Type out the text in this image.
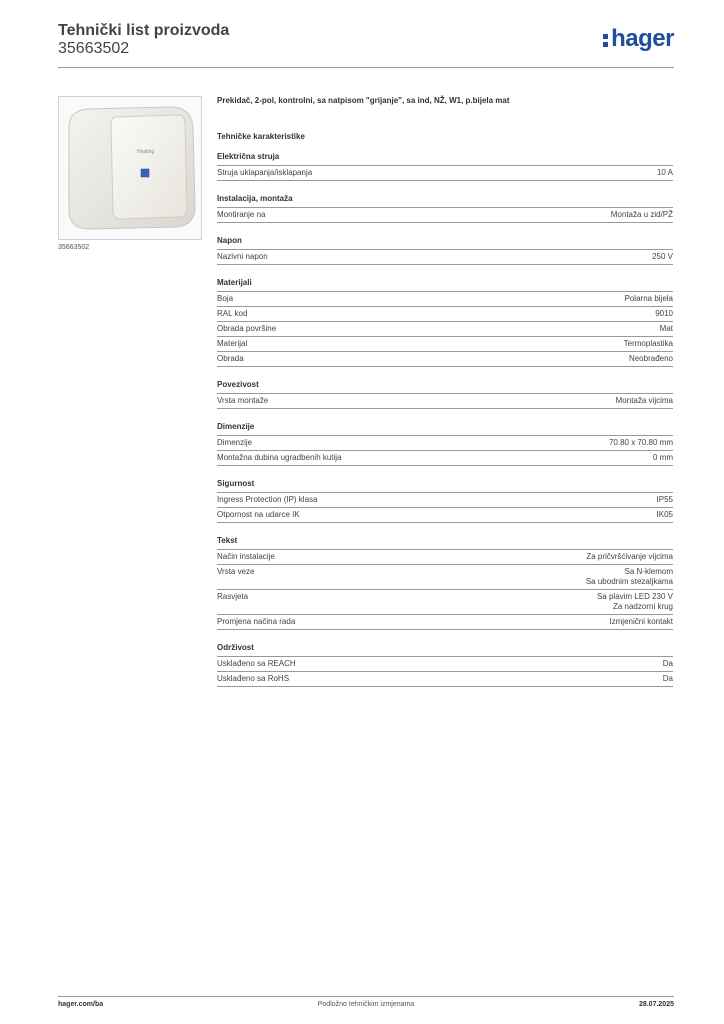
Tehnički list proizvoda
35663502	hager
Heating
35663502
Prekidač, 2-pol, kontrolni, sa natpisom "grijanje", sa ind, NŽ, W1, p.bijela mat
Tehničke karakteristike
Električna struja
Struja uklapanja/isklapanja	10 A
Instalacija, montaža
Montiranje na	Montaža u zid/PŽ
Napon
Nazivni napon	250 V
Materijali
Boja	Polarna bijela
RAL kod	9010
Obrada površine	Mat
Materijal	Termoplastika
Obrada	Neobrađeno
Povezivost
Vrsta montaže	Montaža vijcima
Dimenzije
Dimenzije	70.80 x 70.80 mm
Montažna dubina ugradbenih kutija	0 mm
Sigurnost
Ingress Protection (IP) klasa	IP55
Otpornost na udarce IK	IK05
Tekst
Način instalacije	Za pričvršćivanje vijcima
Vrsta veze	Sa N-klemom
Sa ubodnim stezaljkama
Rasvjeta	Sa plavim LED 230 V
Za nadzorni krug
Promjena načina rada	Izmjenični kontakt
Održivost
Usklađeno sa REACH	Da
Usklađeno sa RoHS	Da
hager.com/ba	Podložno tehničkim izmjenama	28.07.2025
